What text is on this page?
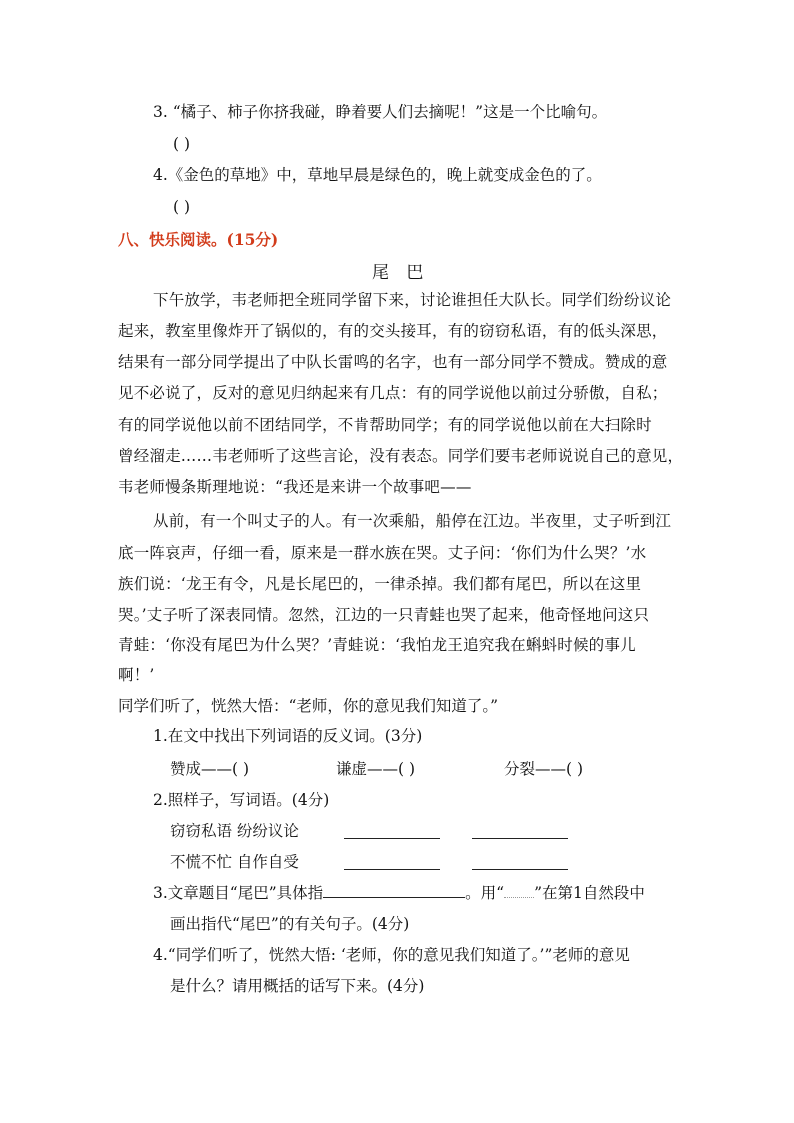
3. “橘子、柿子你挤我碰，睁着要人们去摘呢！”这是一个比喻句。
( )
4.《金色的草地》中，草地早晨是绿色的，晚上就变成金色的了。
( )
八、快乐阅读。(15分)
尾 巴
下午放学，韦老师把全班同学留下来，讨论谁担任大队长。同学们纷纷议论
起来，教室里像炸开了锅似的，有的交头接耳，有的窃窃私语，有的低头深思，
结果有一部分同学提出了中队长雷鸣的名字，也有一部分同学不赞成。赞成的意
见不必说了，反对的意见归纳起来有几点：有的同学说他以前过分骄傲，自私；
有的同学说他以前不团结同学，不肯帮助同学；有的同学说他以前在大扫除时
曾经溜走……韦老师听了这些言论，没有表态。同学们要韦老师说说自己的意见，
韦老师慢条斯理地说：“我还是来讲一个故事吧——
从前，有一个叫丈子的人。有一次乘船，船停在江边。半夜里，丈子听到江
底一阵哀声，仔细一看，原来是一群水族在哭。丈子问：‘你们为什么哭？’水
族们说：‘龙王有令，凡是长尾巴的，一律杀掉。我们都有尾巴，所以在这里
哭。’丈子听了深表同情。忽然，江边的一只青蛙也哭了起来，他奇怪地问这只
青蛙：‘你没有尾巴为什么哭？’青蛙说：‘我怕龙王追究我在蝌蚪时候的事儿
啊！’
同学们听了，恍然大悟：“老师，你的意见我们知道了。”
1.在文中找出下列词语的反义词。(3分)
赞成——( )	谦虚——( )	分裂——( )
2.照样子，写词语。(4分)
窃窃私语 纷纷议论
不慌不忙 自作自受
3.文章题目“尾巴”具体指	。用“ ”在第1自然段中
画出指代“尾巴”的有关句子。(4分)
4.“同学们听了，恍然大悟: ‘老师，你的意见我们知道了。’”老师的意见
是什么？请用概括的话写下来。(4分)
